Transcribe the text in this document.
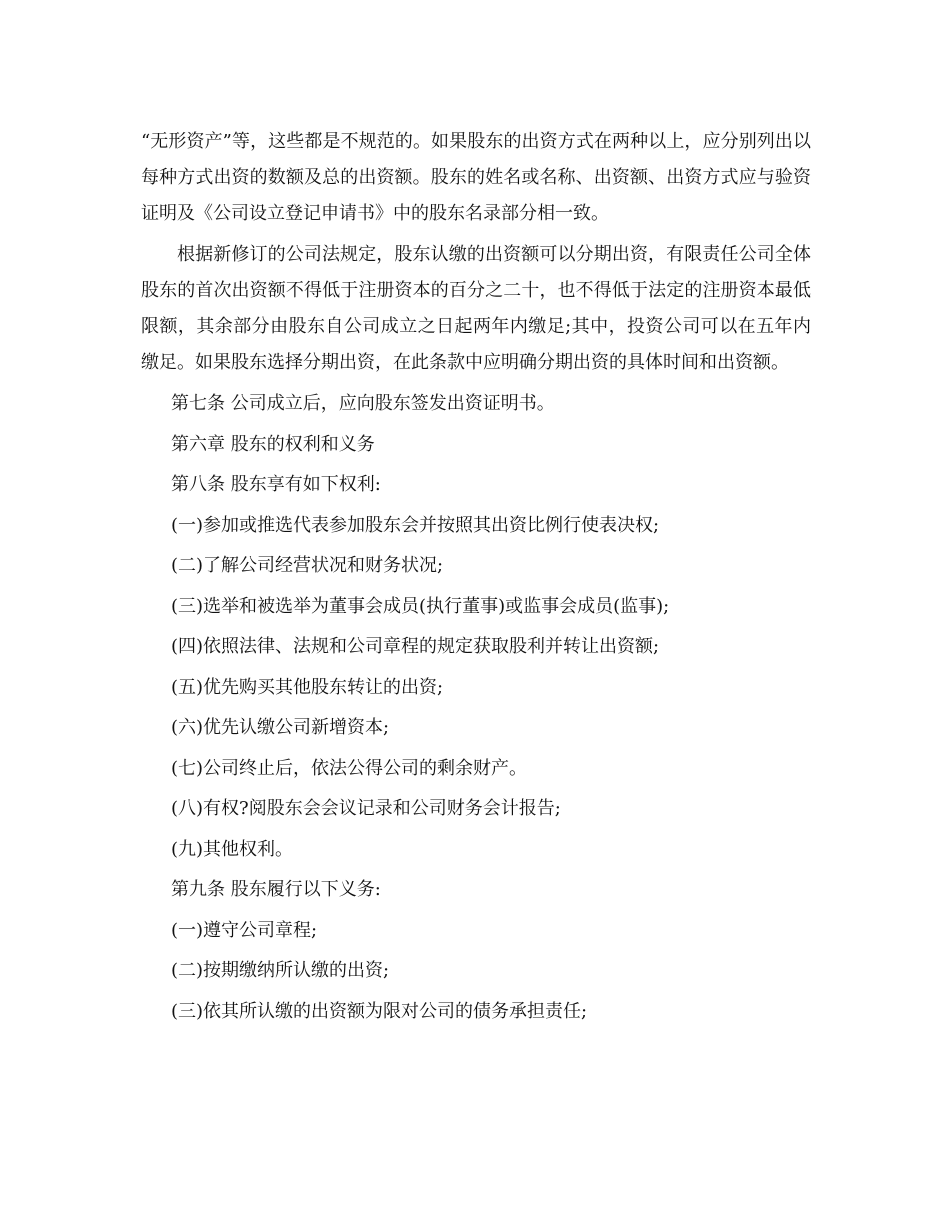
“无形资产”等，这些都是不规范的。如果股东的出资方式在两种以上，应分别列出以每种方式出资的数额及总的出资额。股东的姓名或名称、出资额、出资方式应与验资证明及《公司设立登记申请书》中的股东名录部分相一致。

根据新修订的公司法规定，股东认缴的出资额可以分期出资，有限责任公司全体股东的首次出资额不得低于注册资本的百分之二十，也不得低于法定的注册资本最低限额，其余部分由股东自公司成立之日起两年内缴足;其中，投资公司可以在五年内缴足。如果股东选择分期出资，在此条款中应明确分期出资的具体时间和出资额。

第七条 公司成立后，应向股东签发出资证明书。

第六章 股东的权利和义务

第八条 股东享有如下权利:

(一)参加或推选代表参加股东会并按照其出资比例行使表决权;

(二)了解公司经营状况和财务状况;

(三)选举和被选举为董事会成员(执行董事)或监事会成员(监事);

(四)依照法律、法规和公司章程的规定获取股利并转让出资额;

(五)优先购买其他股东转让的出资;

(六)优先认缴公司新增资本;

(七)公司终止后，依法公得公司的剩余财产。

(八)有权?阅股东会会议记录和公司财务会计报告;

(九)其他权利。

第九条 股东履行以下义务:

(一)遵守公司章程;

(二)按期缴纳所认缴的出资;

(三)依其所认缴的出资额为限对公司的债务承担责任;
